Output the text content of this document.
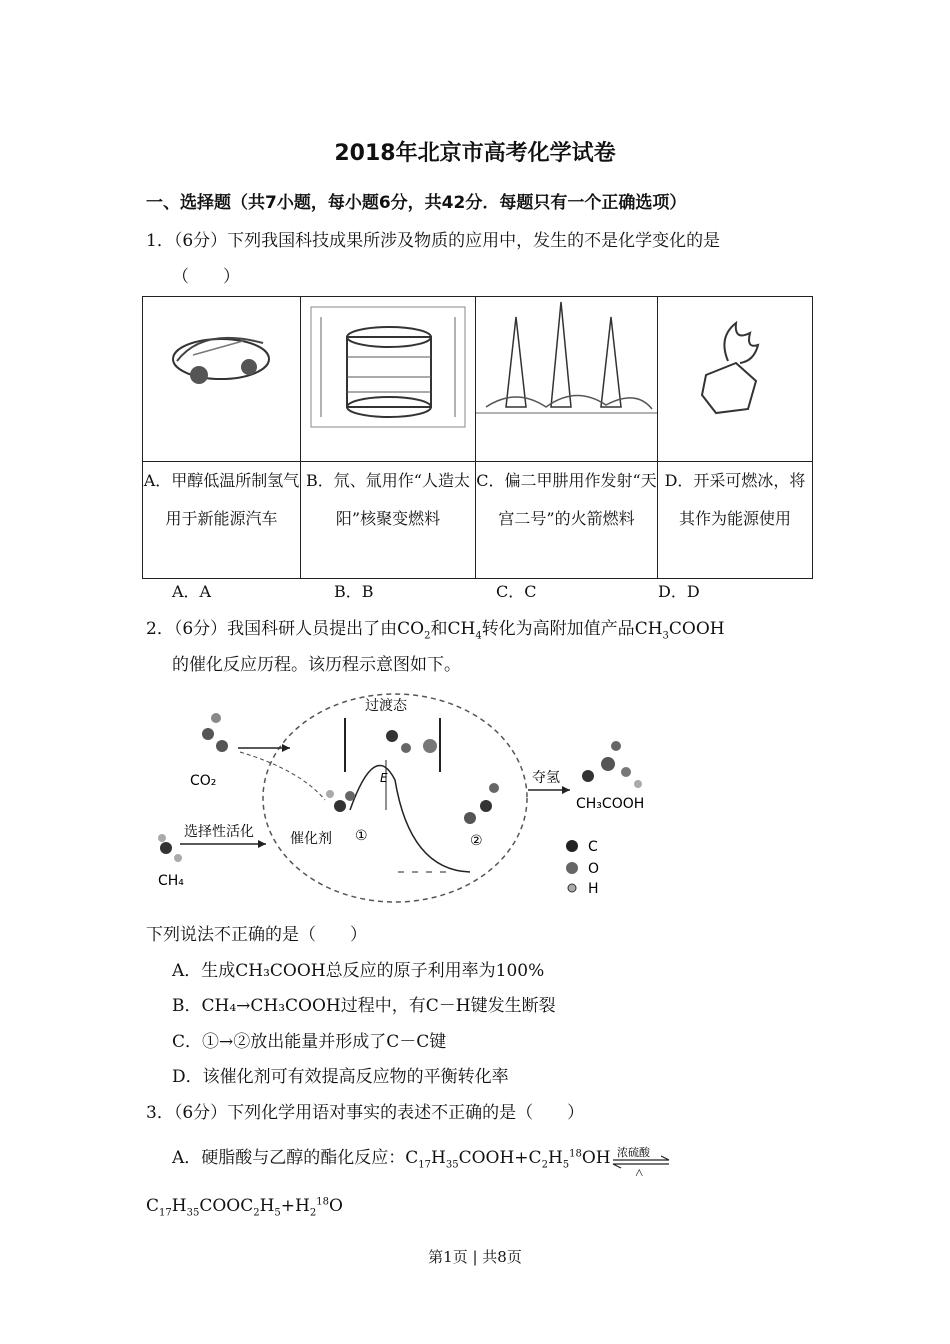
2018年北京市高考化学试卷
一、选择题（共7小题，每小题6分，共42分．每题只有一个正确选项）
1．（6分）下列我国科技成果所涉及物质的应用中，发生的不是化学变化的是
（　　）

A．甲醇低温所制氢气用于新能源汽车	B．氘、氚用作“人造太阳”核聚变燃料	C．偏二甲肼用作发射“天宫二号”的火箭燃料	D．开采可燃冰，将其作为能源使用
A．A	B．B	C．C	D．D
2．（6分）我国科研人员提出了由$CO_2$和$CH_4$转化为高附加值产品$CH_3COOH$
的催化反应历程。该历程示意图如下。
过渡态
CO₂
CH₄
选择性活化	催化剂 ①	②
E	夺氢
CH₃COOH
C
O
H
下列说法不正确的是（　　）
A．生成CH₃COOH总反应的原子利用率为100%
B．CH₄→CH₃COOH过程中，有C－H键发生断裂
C．①→②放出能量并形成了C－C键
D．该催化剂可有效提高反应物的平衡转化率
3．（6分）下列化学用语对事实的表述不正确的是（　　）
A．硬脂酸与乙醇的酯化反应：$C_{17}H_{35}COOH+C_2H_5^{18}OH$ 浓硫酸
△
$C_{17}H_{35}COOC_2H_5+H_2^{18}O$
第1页 | 共8页
